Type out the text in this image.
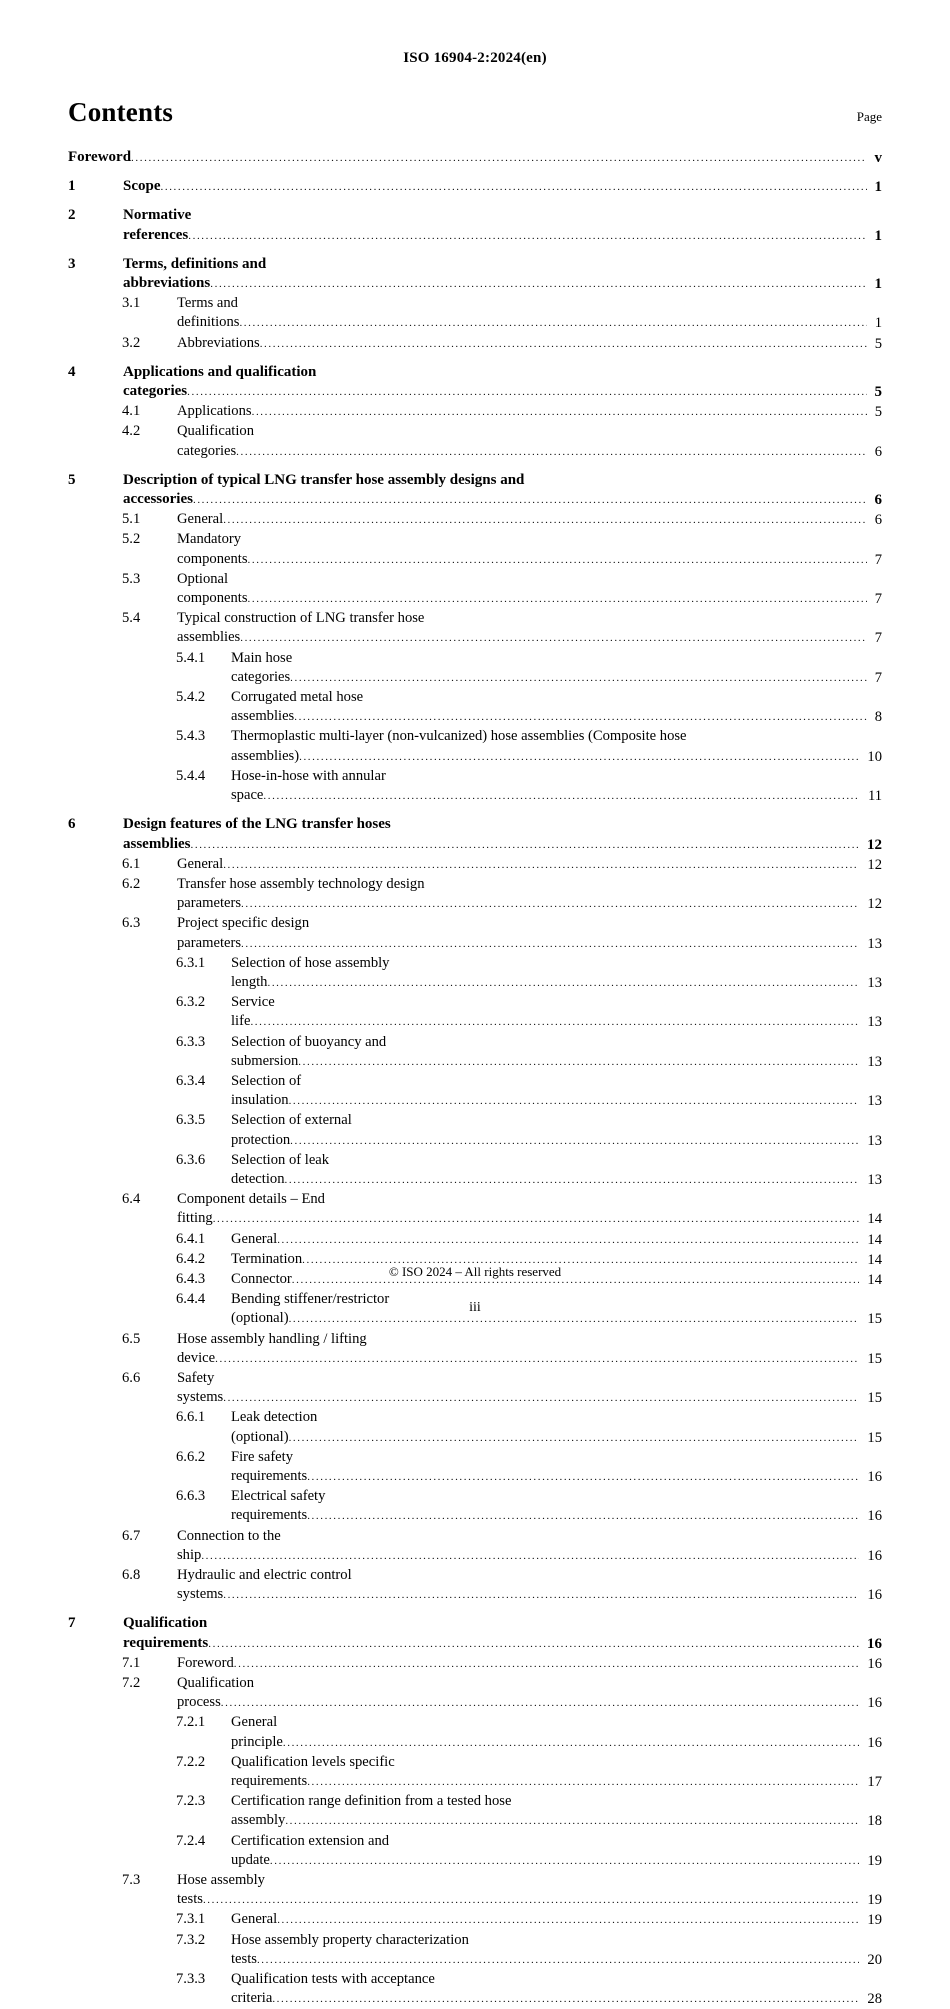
ISO 16904-2:2024(en)
Contents	Page
Foreword .....	v
1	Scope .....	1
2	Normative references .....	1
3	Terms, definitions and abbreviations .....	1
3.1	Terms and definitions .....	1
3.2	Abbreviations .....	5
4	Applications and qualification categories .....	5
4.1	Applications .....	5
4.2	Qualification categories .....	6
5	Description of typical LNG transfer hose assembly designs and accessories .....	6
5.1	General .....	6
5.2	Mandatory components .....	7
5.3	Optional components .....	7
5.4	Typical construction of LNG transfer hose assemblies .....	7
5.4.1	Main hose categories .....	7
5.4.2	Corrugated metal hose assemblies .....	8
5.4.3	Thermoplastic multi-layer (non-vulcanized) hose assemblies (Composite hose assemblies) .....	10
5.4.4	Hose-in-hose with annular space .....	11
6	Design features of the LNG transfer hoses assemblies .....	12
6.1	General .....	12
6.2	Transfer hose assembly technology design parameters .....	12
6.3	Project specific design parameters .....	13
6.3.1	Selection of hose assembly length .....	13
6.3.2	Service life .....	13
6.3.3	Selection of buoyancy and submersion .....	13
6.3.4	Selection of insulation .....	13
6.3.5	Selection of external protection .....	13
6.3.6	Selection of leak detection .....	13
6.4	Component details – End fitting .....	14
6.4.1	General .....	14
6.4.2	Termination .....	14
6.4.3	Connector .....	14
6.4.4	Bending stiffener/restrictor (optional) .....	15
6.5	Hose assembly handling / lifting device .....	15
6.6	Safety systems .....	15
6.6.1	Leak detection (optional) .....	15
6.6.2	Fire safety requirements .....	16
6.6.3	Electrical safety requirements .....	16
6.7	Connection to the ship .....	16
6.8	Hydraulic and electric control systems .....	16
7	Qualification requirements .....	16
7.1	Foreword .....	16
7.2	Qualification process .....	16
7.2.1	General principle .....	16
7.2.2	Qualification levels specific requirements .....	17
7.2.3	Certification range definition from a tested hose assembly .....	18
7.2.4	Certification extension and update .....	19
7.3	Hose assembly tests .....	19
7.3.1	General .....	19
7.3.2	Hose assembly property characterization tests .....	20
7.3.3	Qualification tests with acceptance criteria .....	28
© ISO 2024 – All rights reserved
iii
